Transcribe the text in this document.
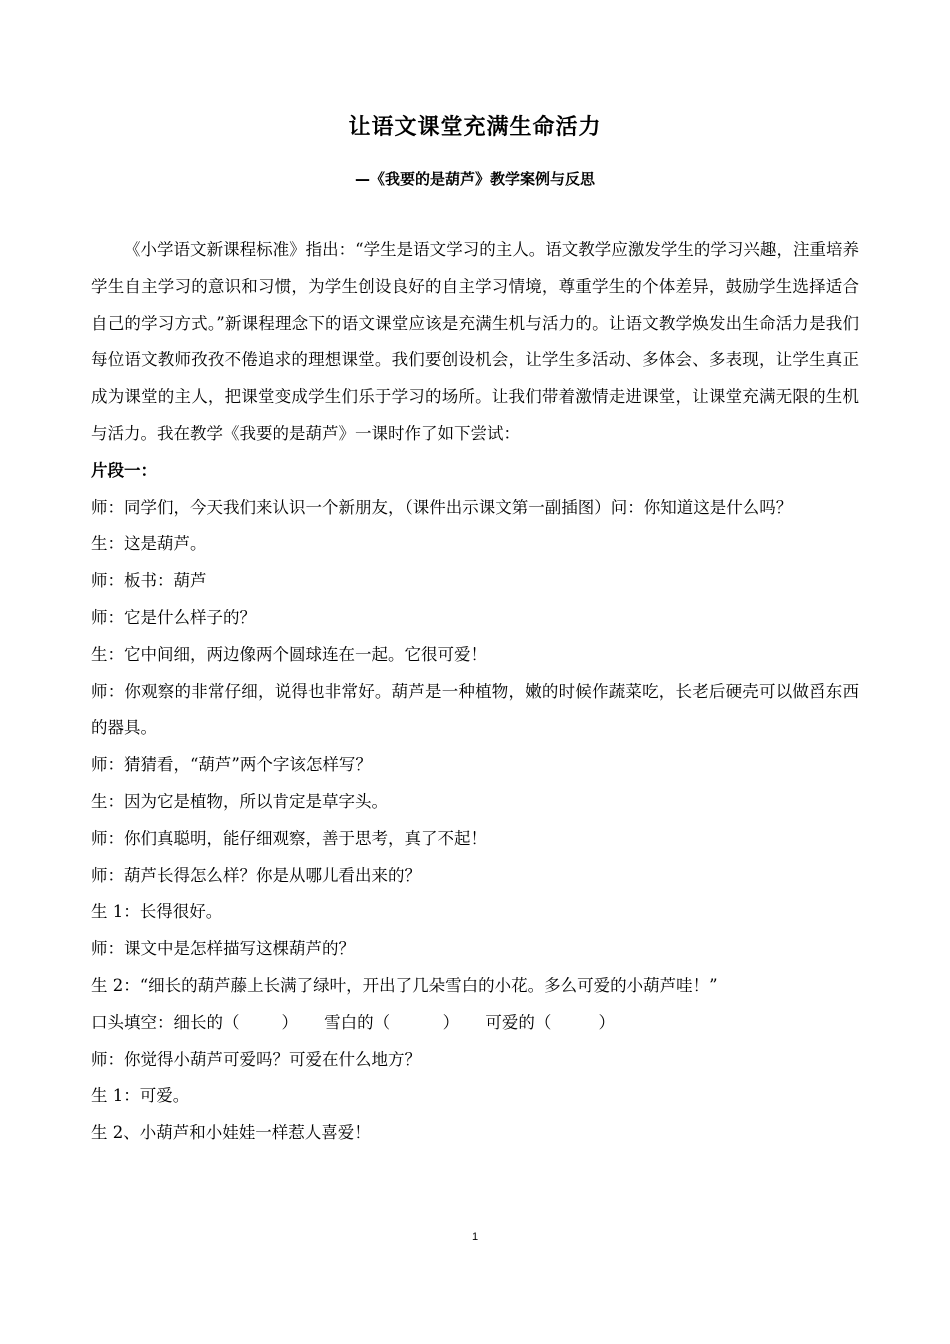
让语文课堂充满生命活力
—《我要的是葫芦》教学案例与反思

《小学语文新课程标准》指出：“学生是语文学习的主人。语文教学应激发学生的学习兴趣，注重培养学生自主学习的意识和习惯，为学生创设良好的自主学习情境，尊重学生的个体差异，鼓励学生选择适合自己的学习方式。”新课程理念下的语文课堂应该是充满生机与活力的。让语文教学焕发出生命活力是我们每位语文教师孜孜不倦追求的理想课堂。我们要创设机会，让学生多活动、多体会、多表现，让学生真正成为课堂的主人，把课堂变成学生们乐于学习的场所。让我们带着激情走进课堂，让课堂充满无限的生机与活力。我在教学《我要的是葫芦》一课时作了如下尝试：

片段一：

师：同学们，今天我们来认识一个新朋友，（课件出示课文第一副插图）问：你知道这是什么吗？

生：这是葫芦。

师：板书：葫芦

师：它是什么样子的？

生：它中间细，两边像两个圆球连在一起。它很可爱！

师：你观察的非常仔细，说得也非常好。葫芦是一种植物，嫩的时候作蔬菜吃，长老后硬壳可以做舀东西的器具。

师：猜猜看，“葫芦”两个字该怎样写？

生：因为它是植物，所以肯定是草字头。

师：你们真聪明，能仔细观察，善于思考，真了不起！

师：葫芦长得怎么样？你是从哪儿看出来的？

生 1：长得很好。

师：课文中是怎样描写这棵葫芦的？

生 2：“细长的葫芦藤上长满了绿叶，开出了几朵雪白的小花。多么可爱的小葫芦哇！”

口头填空：细长的（        ）     雪白的（          ）     可爱的（         ）

师：你觉得小葫芦可爱吗？可爱在什么地方？

生 1：可爱。

生 2、小葫芦和小娃娃一样惹人喜爱！

1
